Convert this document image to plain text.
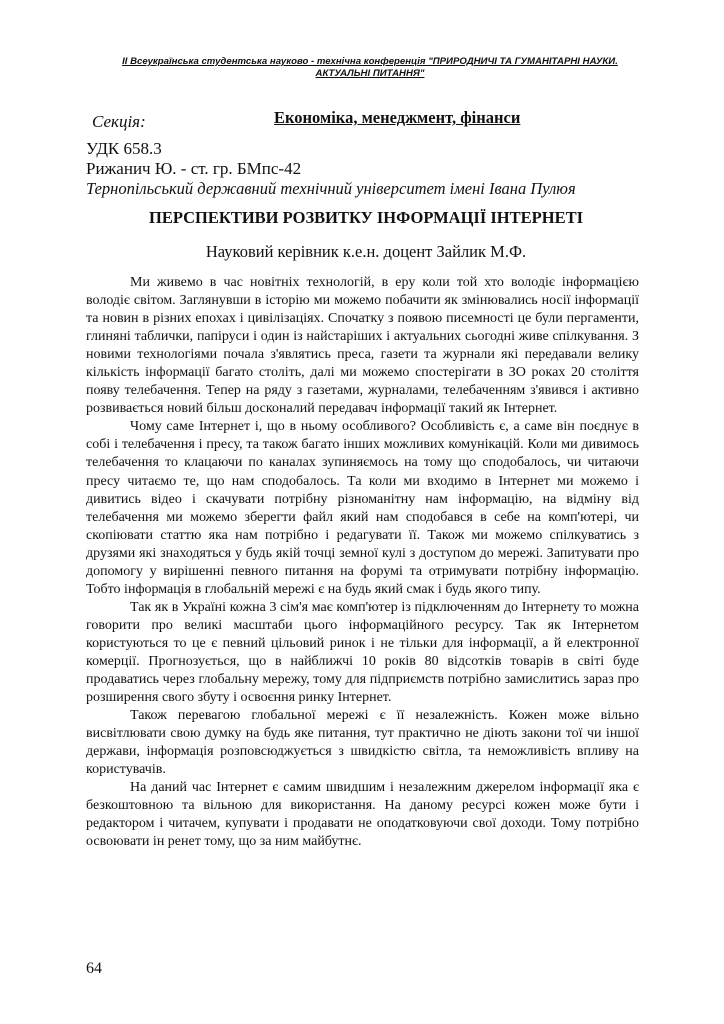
ІІ Всеукраїнська студентська науково - технічна конференція "ПРИРОДНИЧІ ТА ГУМАНІТАРНІ НАУКИ.
АКТУАЛЬНІ ПИТАННЯ"
Секція:	Економіка, менеджмент, фінанси
УДК 658.3
Рижанич Ю. - ст. гр. БМпс-42
Тернопільський державний технічний університет імені Івана Пулюя
ПЕРСПЕКТИВИ РОЗВИТКУ ІНФОРМАЦІЇ ІНТЕРНЕТІ
Науковий керівник к.е.н. доцент Зайлик М.Ф.

Ми живемо в час новітніх технологій, в еру коли той хто володіє інформацією володіє світом. Заглянувши в історію ми можемо побачити як змінювались носії інформації та новин в різних епохах і цивілізаціях. Спочатку з появою писемності це були пергаменти, глиняні таблички, папіруси і один із найстаріших і актуальних сьогодні живе спілкування. З новими технологіями почала з'являтись преса, газети та журнали які передавали велику кількість інформації багато століть, далі ми можемо спостерігати в ЗО роках 20 століття появу телебачення. Тепер на ряду з газетами, журналами, телебаченням з'явився і активно розвивається новий більш досконалий передавач інформації такий як Інтернет.

Чому саме Інтернет і, що в ньому особливого? Особливість є, а саме він поєднує в собі і телебачення і пресу, та також багато інших можливих комунікацій. Коли ми дивимось телебачення то клацаючи по каналах зупиняємось на тому що сподобалось, чи читаючи пресу читаємо те, що нам сподобалось. Та коли ми входимо в Інтернет ми можемо і дивитись відео і скачувати потрібну різноманітну нам інформацію, на відміну від телебачення ми можемо зберегти файл який нам сподобався в себе на комп'ютері, чи скопіювати статтю яка нам потрібно і редагувати її. Також ми можемо спілкуватись з друзями які знаходяться у будь якій точці земної кулі з доступом до мережі. Запитувати про допомогу у вирішенні певного питання на форумі та отримувати потрібну інформацію. Тобто інформація в глобальній мережі є на будь який смак і будь якого типу.

Так як в Україні кожна 3 сім'я має комп'ютер із підключенням до Інтернету то можна говорити про великі масштаби цього інформаційного ресурсу. Так як Інтернетом користуються то це є певний цільовий ринок і не тільки для інформації, а й електронної комерції. Прогнозується, що в найближчі 10 років 80 відсотків товарів в світі буде продаватись через глобальну мережу, тому для підприємств потрібно замислитись зараз про розширення свого збуту і освоєння ринку Інтернет.

Також перевагою глобальної мережі є її незалежність. Кожен може вільно висвітлювати свою думку на будь яке питання, тут практично не діють закони тої чи іншої держави, інформація розповсюджується з швидкістю світла, та неможливість впливу на користувачів.

На даний час Інтернет є самим швидшим і незалежним джерелом інформації яка є безкоштовною та вільною для використання. На даному ресурсі кожен може бути і редактором і читачем, купувати і продавати не оподатковуючи свої доходи. Тому потрібно освоювати ін ренет тому, що за ним майбутнє.

64
